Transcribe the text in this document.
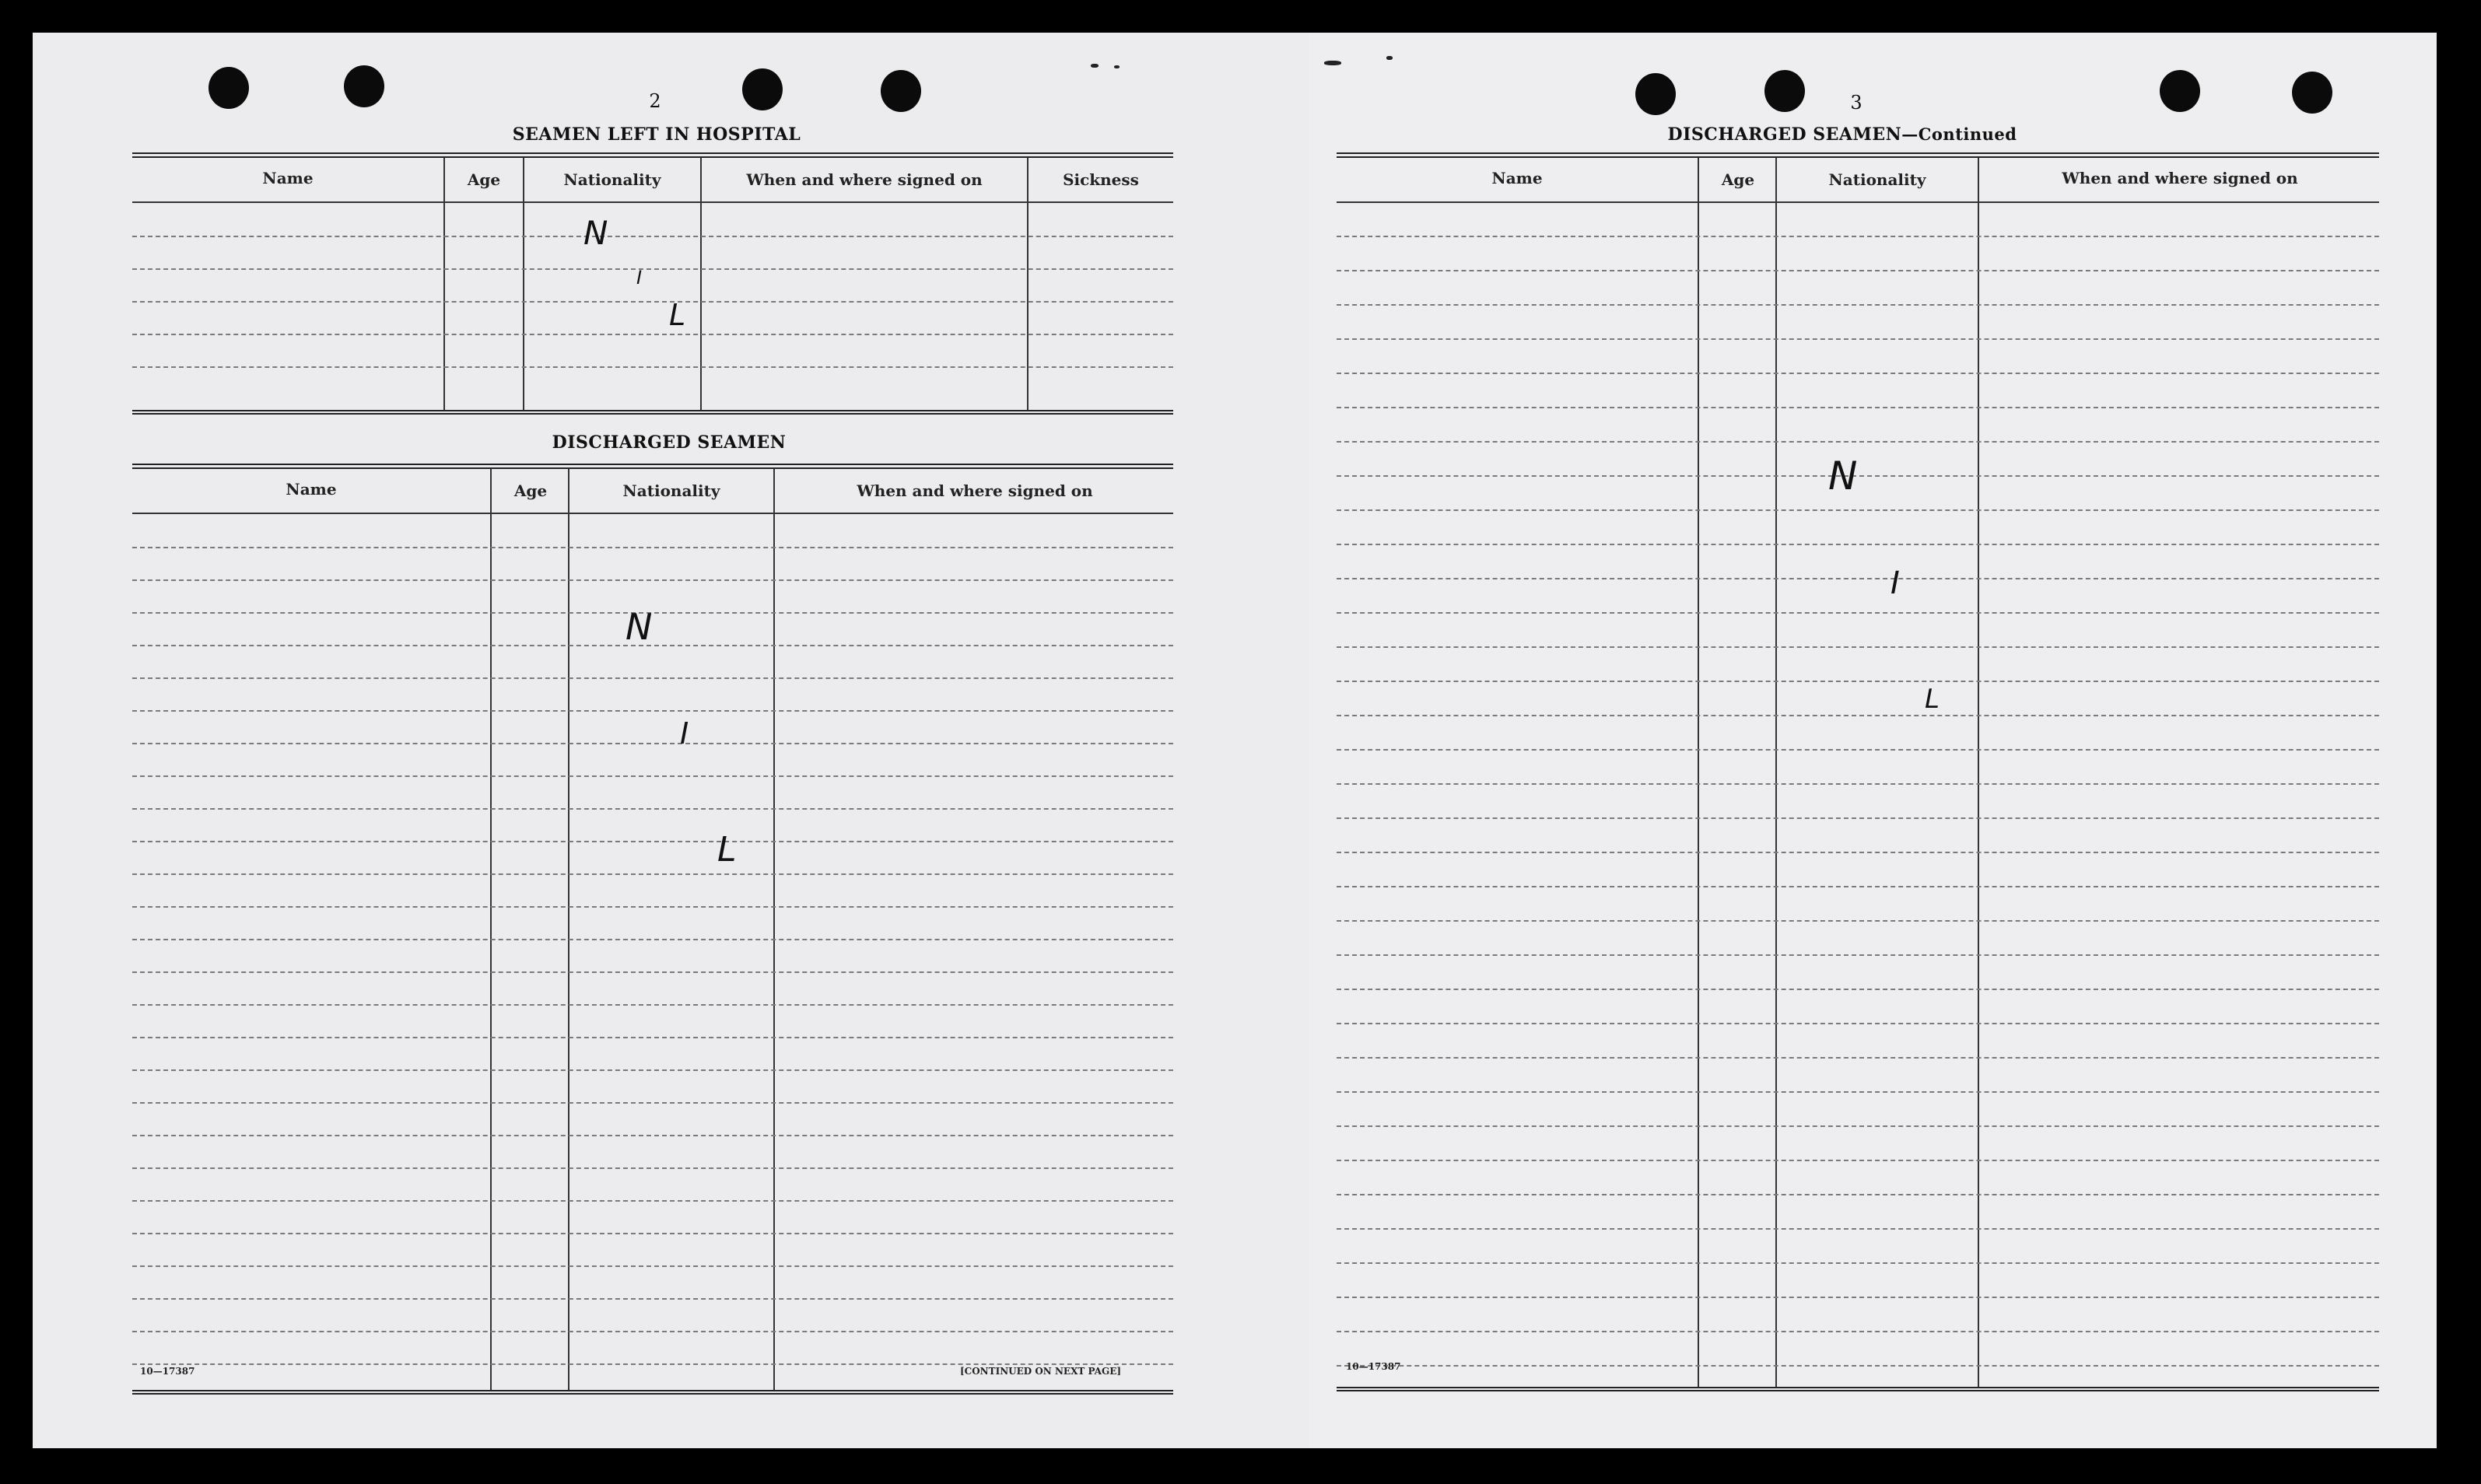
2
SEAMEN LEFT IN HOSPITAL
Name	Age	Nationality	When and where signed on	Sickness
N
I
L
DISCHARGED SEAMEN
Name	Age	Nationality	When and where signed on
N
I
L
10—17387	[CONTINUED ON NEXT PAGE]
3
DISCHARGED SEAMEN—Continued
Name	Age	Nationality	When and where signed on
N
I
L
10—17387
